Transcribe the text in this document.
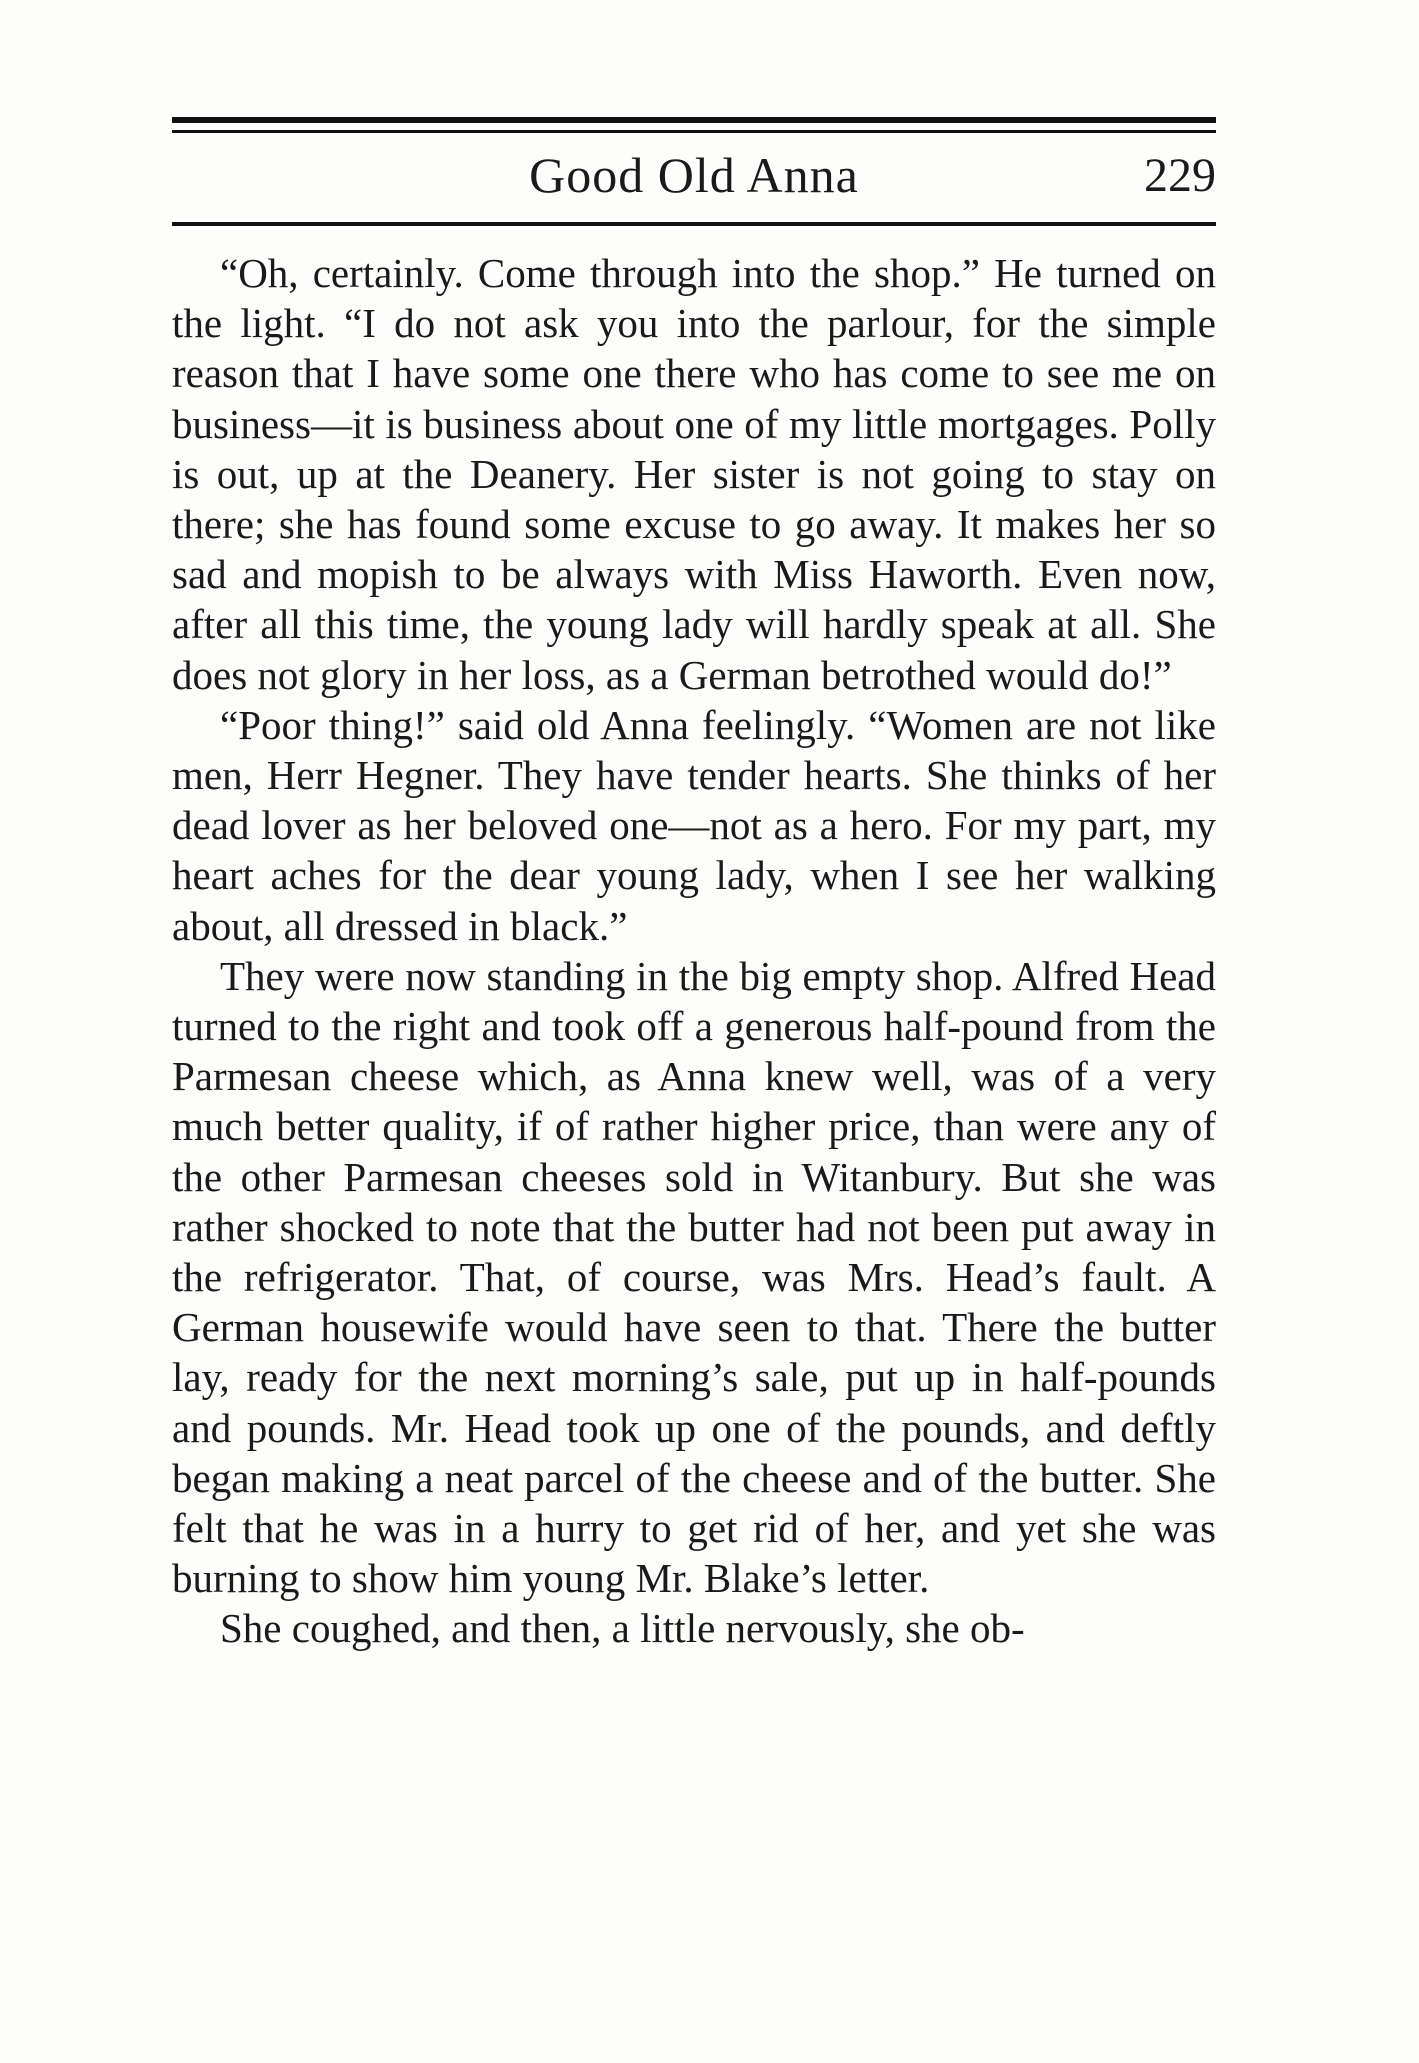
Good Old Anna	229

“Oh, certainly. Come through into the shop.” He turned on the light. “I do not ask you into the parlour, for the simple reason that I have some one there who has come to see me on business—it is business about one of my little mortgages. Polly is out, up at the Deanery. Her sister is not going to stay on there; she has found some excuse to go away. It makes her so sad and mopish to be always with Miss Haworth. Even now, after all this time, the young lady will hardly speak at all. She does not glory in her loss, as a German betrothed would do!”

“Poor thing!” said old Anna feelingly. “Women are not like men, Herr Hegner. They have tender hearts. She thinks of her dead lover as her beloved one—not as a hero. For my part, my heart aches for the dear young lady, when I see her walking about, all dressed in black.”

They were now standing in the big empty shop. Alfred Head turned to the right and took off a generous half-pound from the Parmesan cheese which, as Anna knew well, was of a very much better quality, if of rather higher price, than were any of the other Parmesan cheeses sold in Witanbury. But she was rather shocked to note that the butter had not been put away in the refrigerator. That, of course, was Mrs. Head’s fault. A German housewife would have seen to that. There the butter lay, ready for the next morning’s sale, put up in half-pounds and pounds. Mr. Head took up one of the pounds, and deftly began making a neat parcel of the cheese and of the butter. She felt that he was in a hurry to get rid of her, and yet she was burning to show him young Mr. Blake’s letter.

She coughed, and then, a little nervously, she ob-
